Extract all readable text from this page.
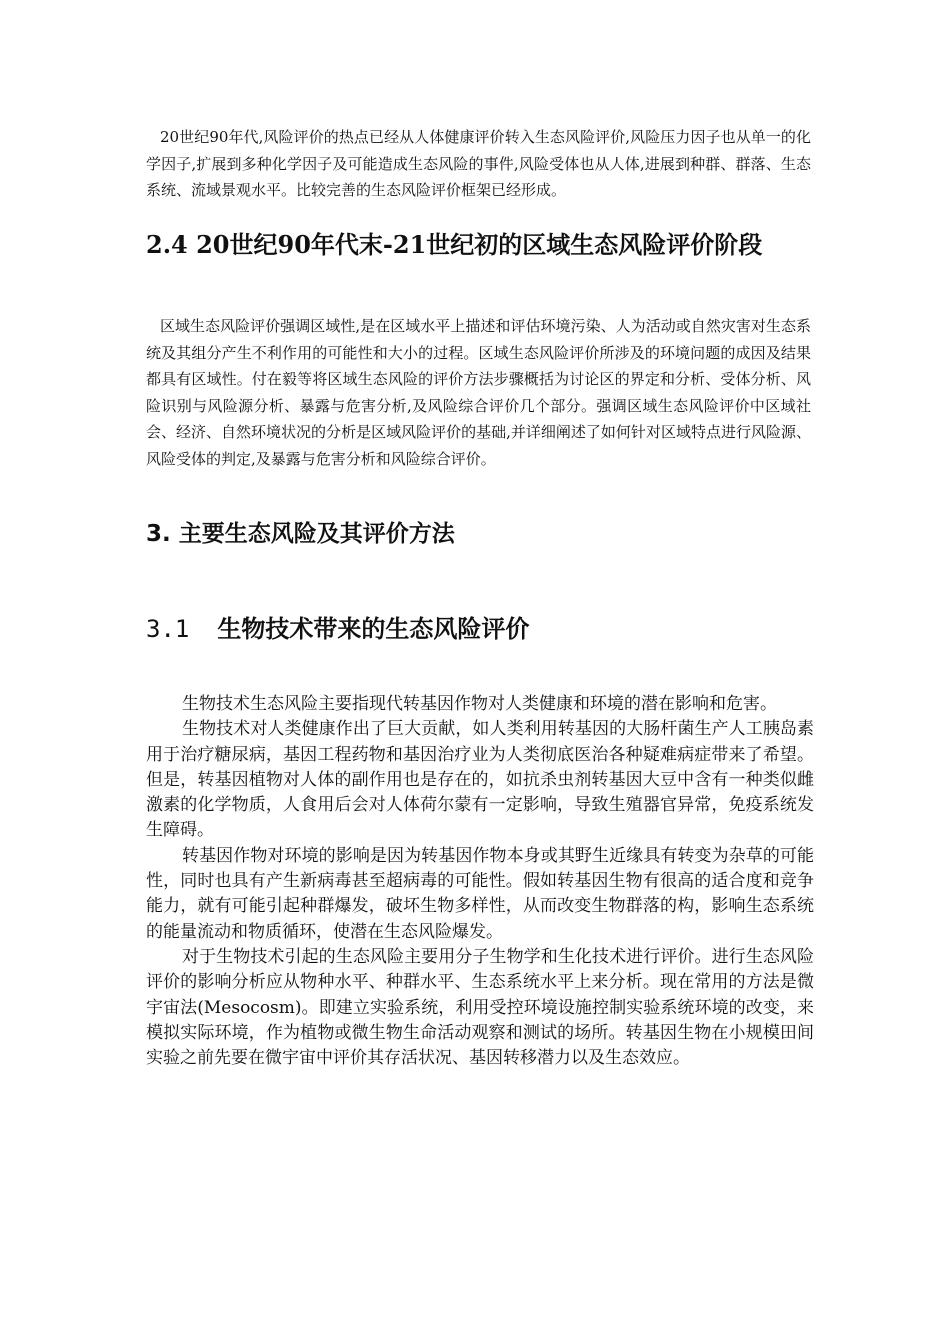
20世纪90年代,风险评价的热点已经从人体健康评价转入生态风险评价,风险压力因子也从单一的化学因子,扩展到多种化学因子及可能造成生态风险的事件,风险受体也从人体,进展到种群、群落、生态系统、流域景观水平。比较完善的生态风险评价框架已经形成。

2.4 20世纪90年代末-21世纪初的区域生态风险评价阶段

区域生态风险评价强调区域性,是在区域水平上描述和评估环境污染、人为活动或自然灾害对生态系统及其组分产生不利作用的可能性和大小的过程。区域生态风险评价所涉及的环境问题的成因及结果都具有区域性。付在毅等将区域生态风险的评价方法步骤概括为讨论区的界定和分析、受体分析、风险识别与风险源分析、暴露与危害分析,及风险综合评价几个部分。强调区域生态风险评价中区域社会、经济、自然环境状况的分析是区域风险评价的基础,并详细阐述了如何针对区域特点进行风险源、风险受体的判定,及暴露与危害分析和风险综合评价。

3. 主要生态风险及其评价方法
3.1 生物技术带来的生态风险评价

生物技术生态风险主要指现代转基因作物对人类健康和环境的潜在影响和危害。

生物技术对人类健康作出了巨大贡献，如人类利用转基因的大肠杆菌生产人工胰岛素用于治疗糖尿病，基因工程药物和基因治疗业为人类彻底医治各种疑难病症带来了希望。但是，转基因植物对人体的副作用也是存在的，如抗杀虫剂转基因大豆中含有一种类似雌激素的化学物质，人食用后会对人体荷尔蒙有一定影响，导致生殖器官异常，免疫系统发生障碍。

转基因作物对环境的影响是因为转基因作物本身或其野生近缘具有转变为杂草的可能性，同时也具有产生新病毒甚至超病毒的可能性。假如转基因生物有很高的适合度和竞争能力，就有可能引起种群爆发，破坏生物多样性，从而改变生物群落的构，影响生态系统的能量流动和物质循环，使潜在生态风险爆发。

对于生物技术引起的生态风险主要用分子生物学和生化技术进行评价。进行生态风险评价的影响分析应从物种水平、种群水平、生态系统水平上来分析。现在常用的方法是微宇宙法(Mesocosm)。即建立实验系统，利用受控环境设施控制实验系统环境的改变，来模拟实际环境，作为植物或微生物生命活动观察和测试的场所。转基因生物在小规模田间实验之前先要在微宇宙中评价其存活状况、基因转移潜力以及生态效应。
